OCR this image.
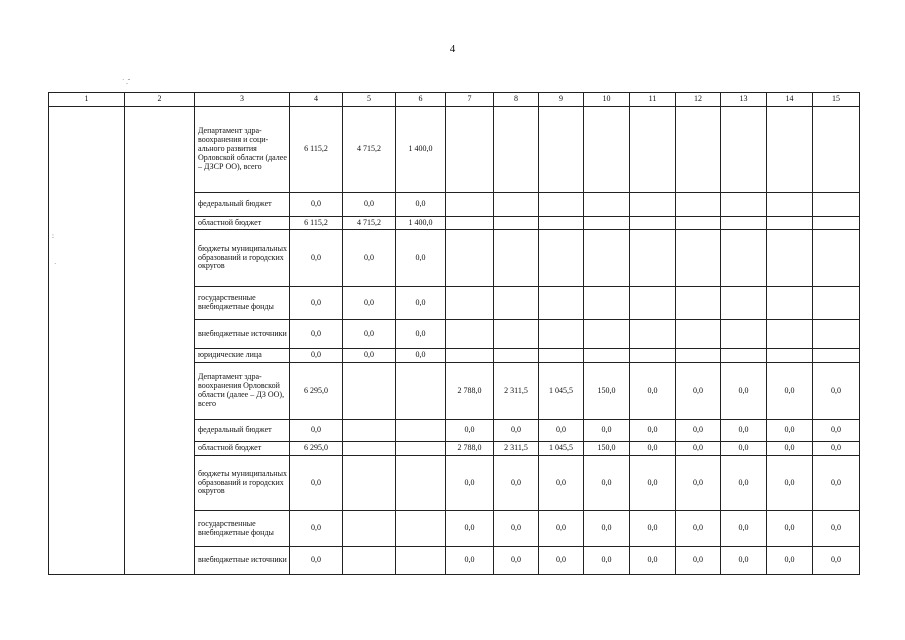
4
˙ .ˇ
:
˙
1	2	3	4	5	6	7	8	9	10	11	12	13	14	15
		Департамент здравоохранения и социального развития Орловской области (далее – ДЗСР ОО), всего	6 115,2	4 715,2	1 400,0									
		федеральный бюджет	0,0	0,0	0,0									
		областной бюджет	6 115,2	4 715,2	1 400,0									
		бюджеты муниципальных образований и городских округов	0,0	0,0	0,0									
		государственные внебюджетные фонды	0,0	0,0	0,0									
		внебюджетные источники	0,0	0,0	0,0									
		юридические лица	0,0	0,0	0,0									
		Департамент здравоохранения Орловской области (далее – ДЗ ОО), всего	6 295,0			2 788,0	2 311,5	1 045,5	150,0	0,0	0,0	0,0	0,0	0,0
		федеральный бюджет	0,0			0,0	0,0	0,0	0,0	0,0	0,0	0,0	0,0	0,0
		областной бюджет	6 295,0			2 788,0	2 311,5	1 045,5	150,0	0,0	0,0	0,0	0,0	0,0
		бюджеты муниципальных образований и городских округов	0,0			0,0	0,0	0,0	0,0	0,0	0,0	0,0	0,0	0,0
		государственные внебюджетные фонды	0,0			0,0	0,0	0,0	0,0	0,0	0,0	0,0	0,0	0,0
		внебюджетные источники	0,0			0,0	0,0	0,0	0,0	0,0	0,0	0,0	0,0	0,0
